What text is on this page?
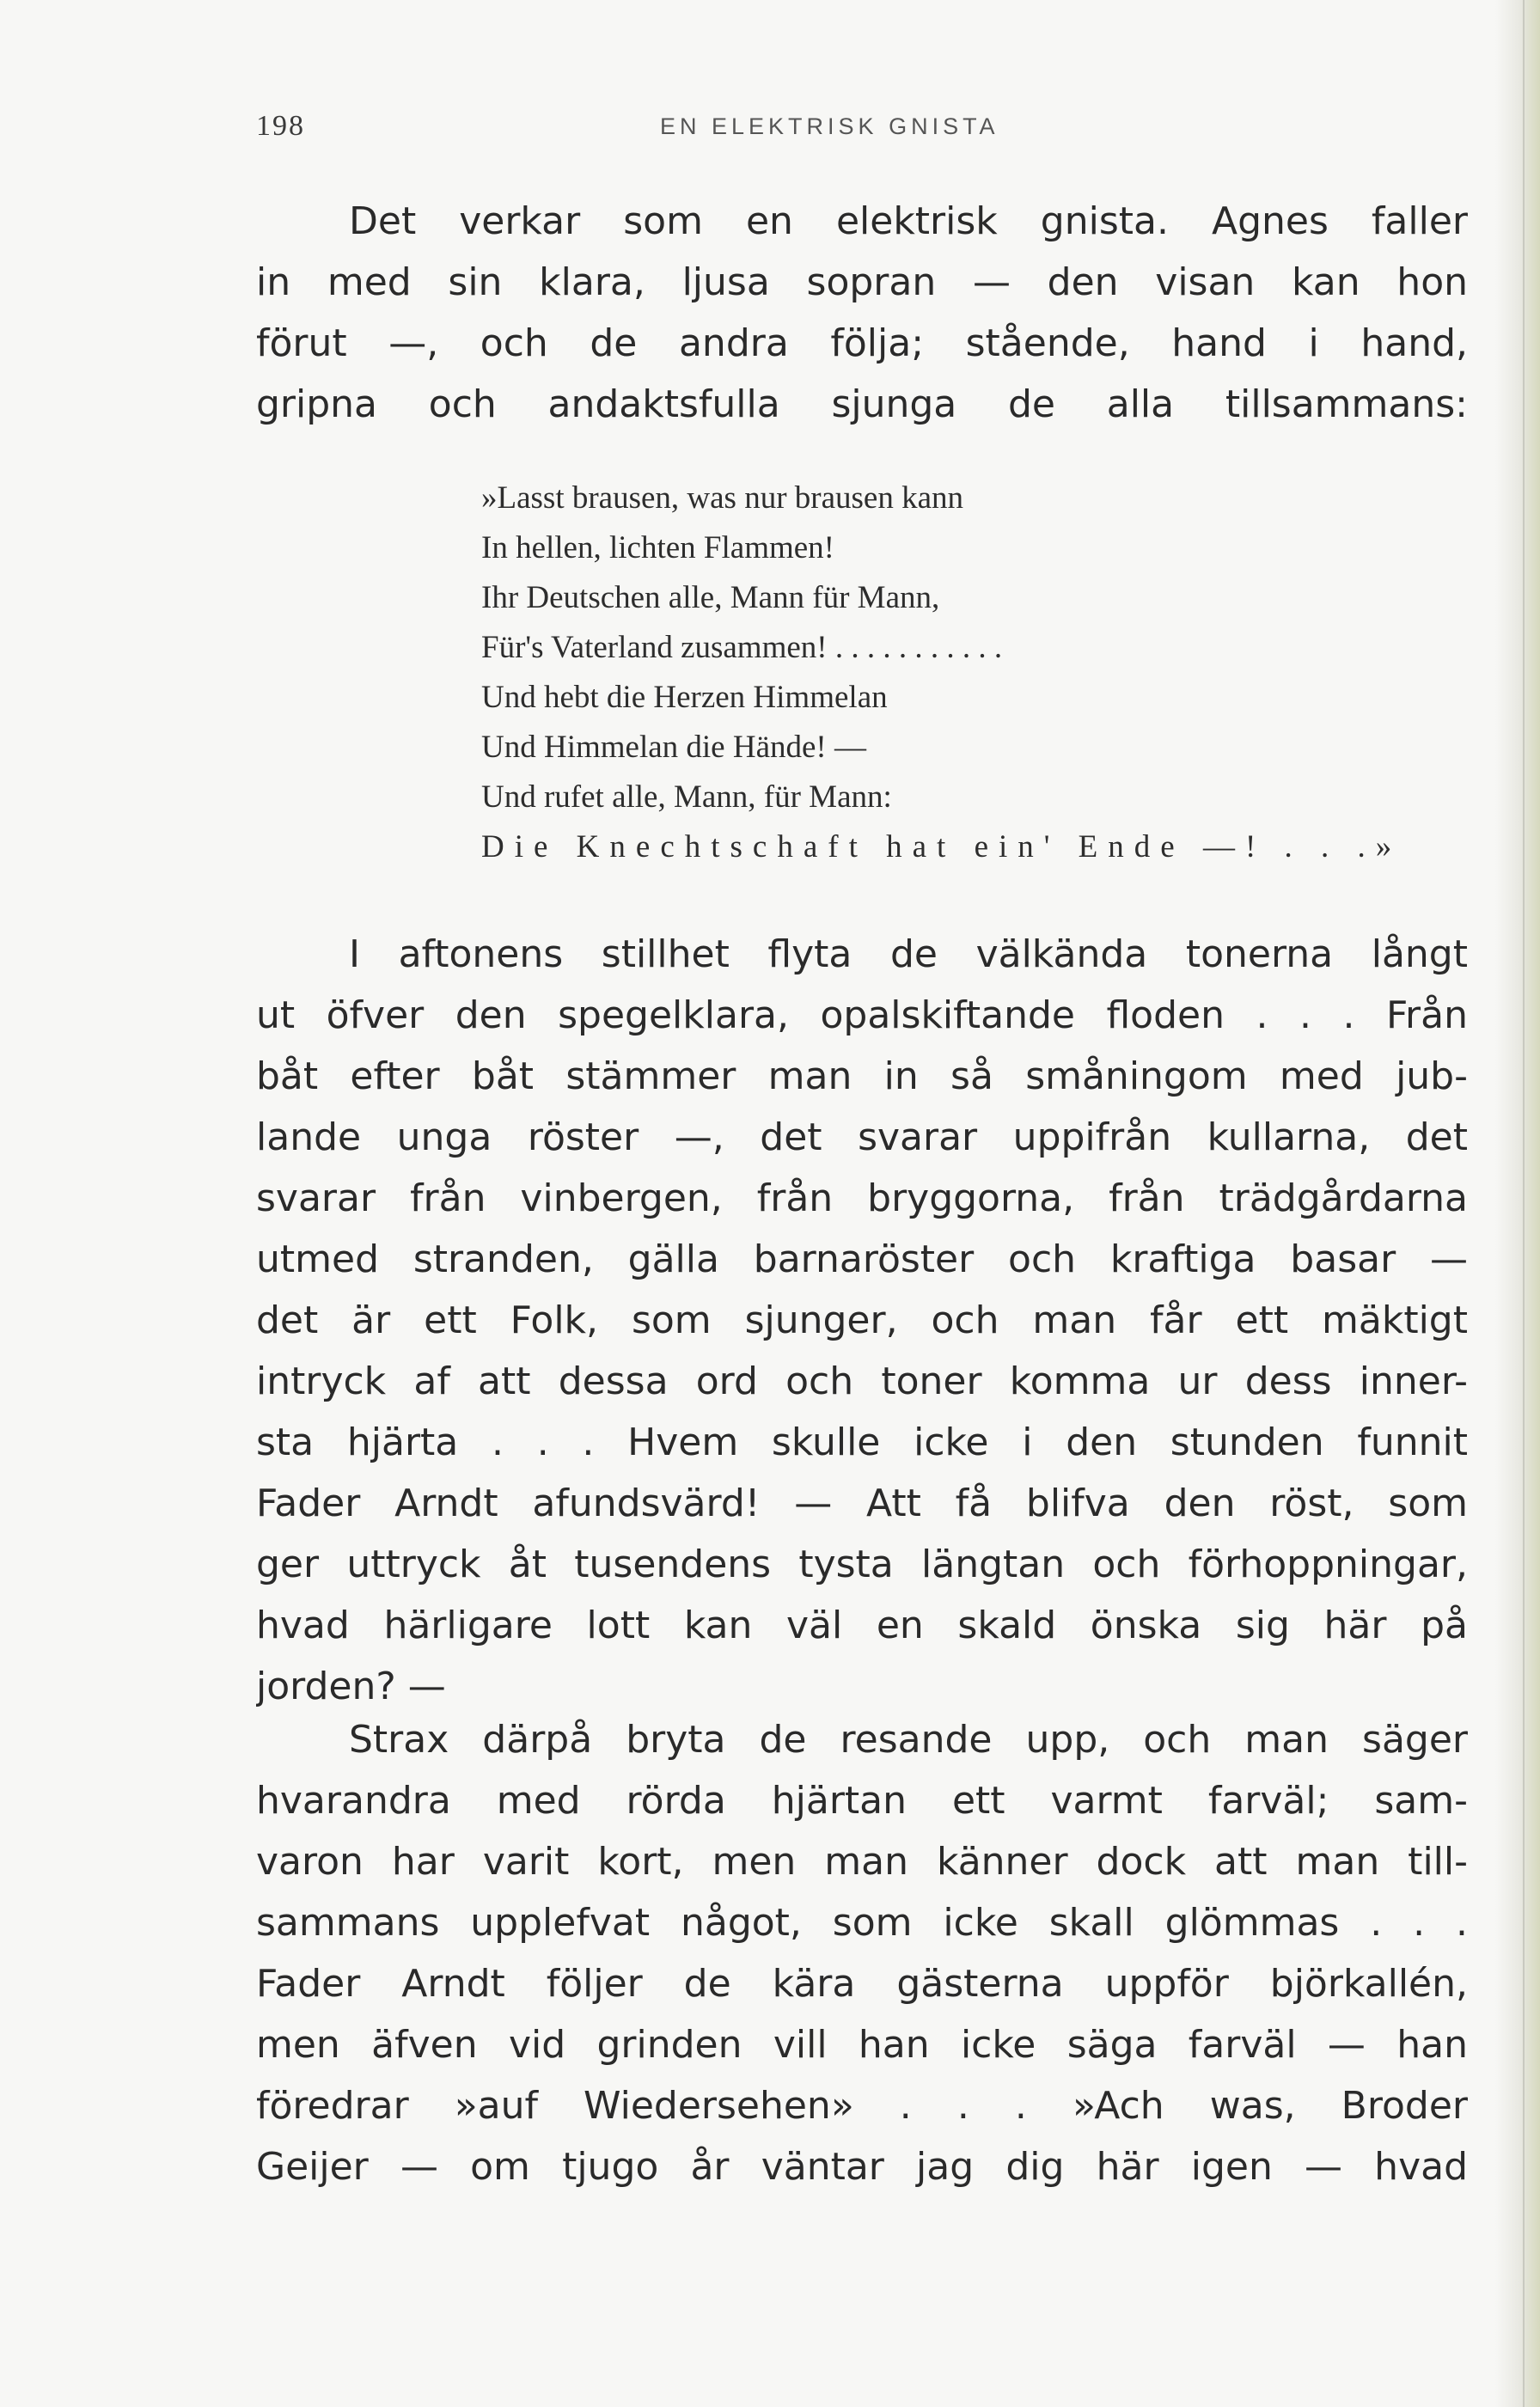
198	EN ELEKTRISK GNISTA
Det verkar som en elektrisk gnista. Agnes faller
in med sin klara, ljusa sopran — den visan kan hon
förut —, och de andra följa; stående, hand i hand,
gripna och andaktsfulla sjunga de alla tillsammans:
»Lasst brausen, was nur brausen kann
In hellen, lichten Flammen!
Ihr Deutschen alle, Mann für Mann,
Für's Vaterland zusammen! . . . . . . . . . . .
Und hebt die Herzen Himmelan
Und Himmelan die Hände! —
Und rufet alle, Mann, für Mann:
Die Knechtschaft hat ein' Ende —! . . .»
I aftonens stillhet flyta de välkända tonerna långt
ut öfver den spegelklara, opalskiftande floden . . . Från
båt efter båt stämmer man in så småningom med jub-
lande unga röster —, det svarar uppifrån kullarna, det
svarar från vinbergen, från bryggorna, från trädgårdarna
utmed stranden, gälla barnaröster och kraftiga basar —
det är ett Folk, som sjunger, och man får ett mäktigt
intryck af att dessa ord och toner komma ur dess inner-
sta hjärta . . . Hvem skulle icke i den stunden funnit
Fader Arndt afundsvärd! — Att få blifva den röst, som
ger uttryck åt tusendens tysta längtan och förhoppningar,
hvad härligare lott kan väl en skald önska sig här på
jorden? —
Strax därpå bryta de resande upp, och man säger
hvarandra med rörda hjärtan ett varmt farväl; sam-
varon har varit kort, men man känner dock att man till-
sammans upplefvat något, som icke skall glömmas . . .
Fader Arndt följer de kära gästerna uppför björkallén,
men äfven vid grinden vill han icke säga farväl — han
föredrar »auf Wiedersehen» . . . »Ach was, Broder
Geijer — om tjugo år väntar jag dig här igen — hvad
